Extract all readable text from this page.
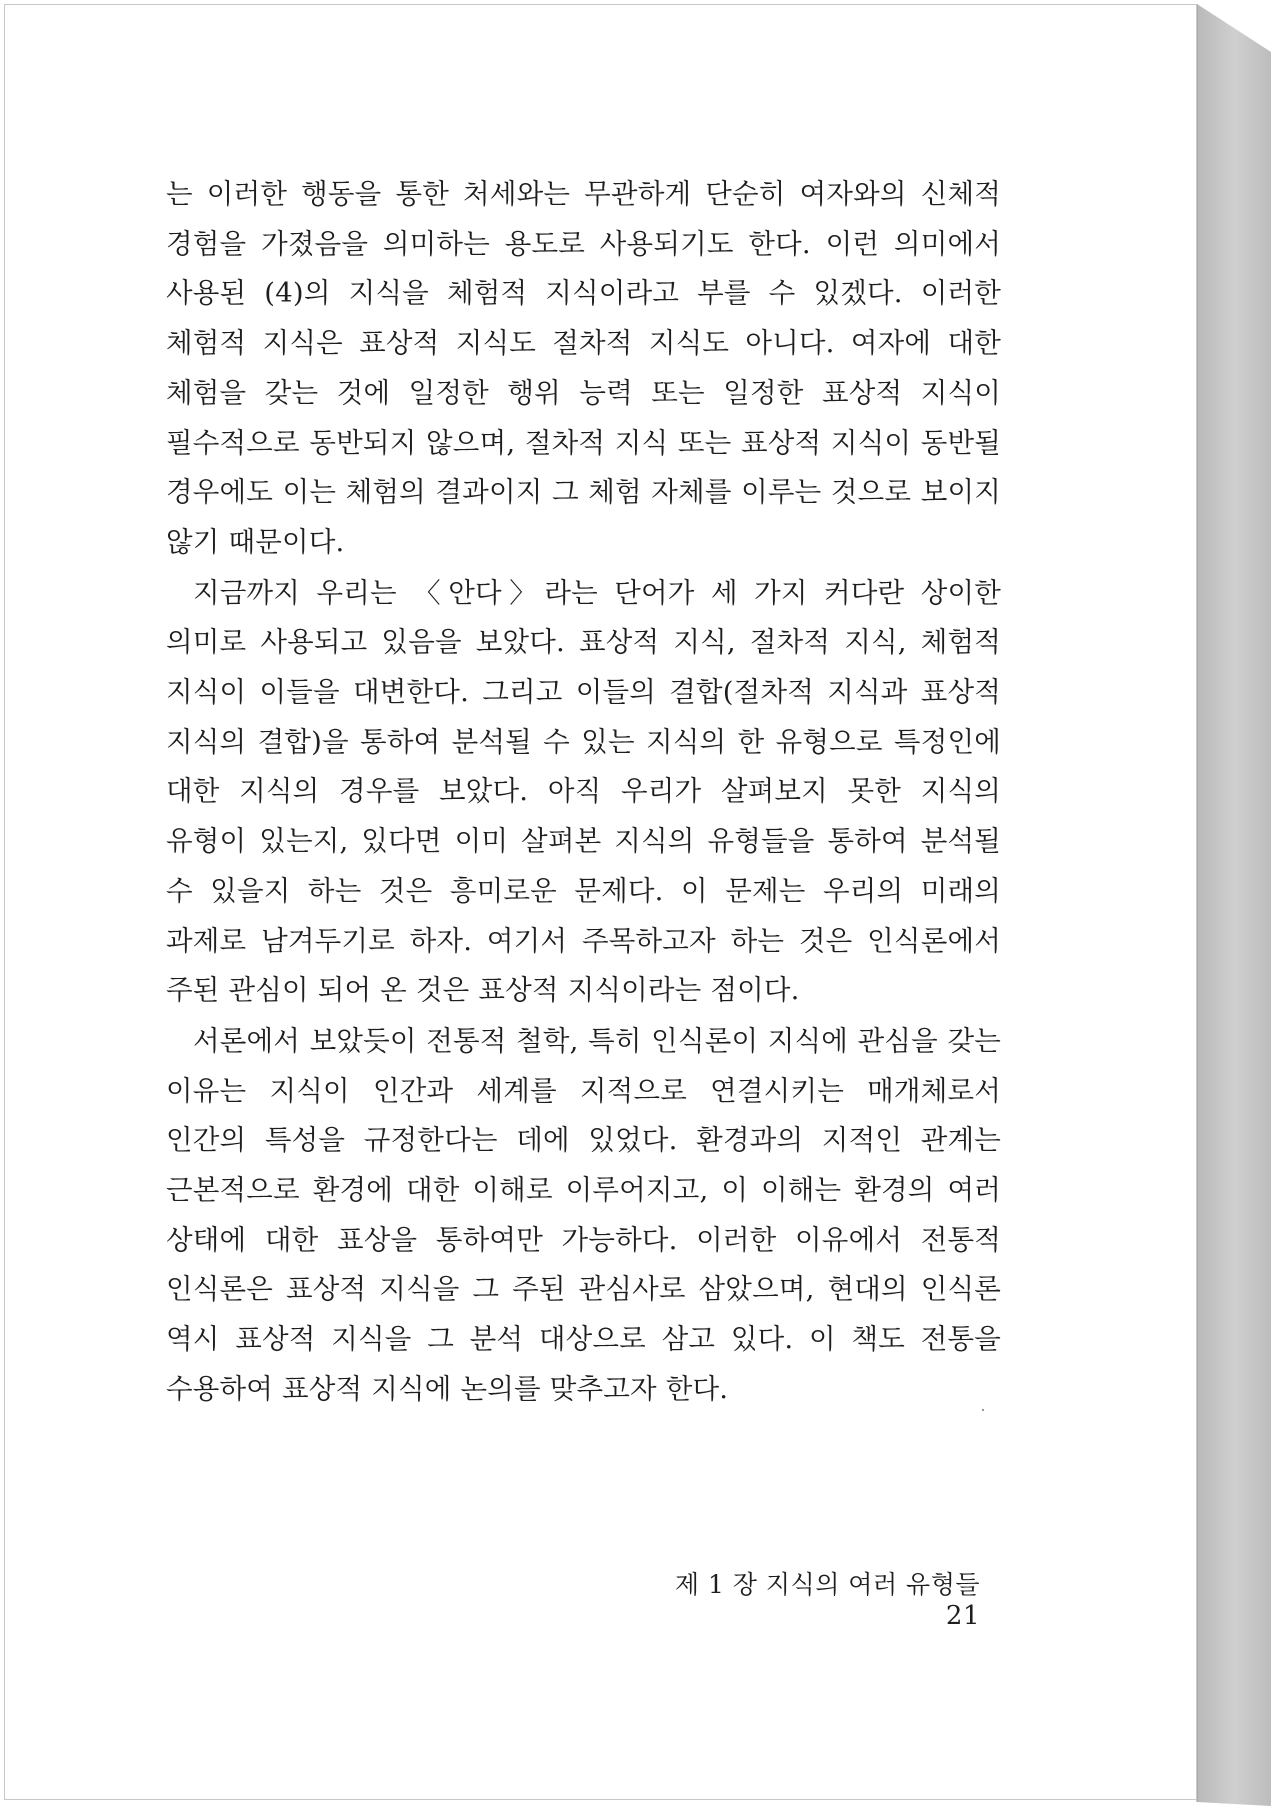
는 이러한 행동을 통한 처세와는 무관하게 단순히 여자와의 신체적 경험을 가졌음을 의미하는 용도로 사용되기도 한다. 이런 의미에서 사용된 (4)의 지식을 체험적 지식이라고 부를 수 있겠다. 이러한 체험적 지식은 표상적 지식도 절차적 지식도 아니다. 여자에 대한 체험을 갖는 것에 일정한 행위 능력 또는 일정한 표상적 지식이 필수적으로 동반되지 않으며, 절차적 지식 또는 표상적 지식이 동반될 경우에도 이는 체험의 결과이지 그 체험 자체를 이루는 것으로 보이지 않기 때문이다.

지금까지 우리는 〈안다〉라는 단어가 세 가지 커다란 상이한 의미로 사용되고 있음을 보았다. 표상적 지식, 절차적 지식, 체험적 지식이 이들을 대변한다. 그리고 이들의 결합(절차적 지식과 표상적 지식의 결합)을 통하여 분석될 수 있는 지식의 한 유형으로 특정인에 대한 지식의 경우를 보았다. 아직 우리가 살펴보지 못한 지식의 유형이 있는지, 있다면 이미 살펴본 지식의 유형들을 통하여 분석될 수 있을지 하는 것은 흥미로운 문제다. 이 문제는 우리의 미래의 과제로 남겨두기로 하자. 여기서 주목하고자 하는 것은 인식론에서 주된 관심이 되어 온 것은 표상적 지식이라는 점이다.

서론에서 보았듯이 전통적 철학, 특히 인식론이 지식에 관심을 갖는 이유는 지식이 인간과 세계를 지적으로 연결시키는 매개체로서 인간의 특성을 규정한다는 데에 있었다. 환경과의 지적인 관계는 근본적으로 환경에 대한 이해로 이루어지고, 이 이해는 환경의 여러 상태에 대한 표상을 통하여만 가능하다. 이러한 이유에서 전통적 인식론은 표상적 지식을 그 주된 관심사로 삼았으며, 현대의 인식론 역시 표상적 지식을 그 분석 대상으로 삼고 있다. 이 책도 전통을 수용하여 표상적 지식에 논의를 맞추고자 한다.

제 1 장 지식의 여러 유형들21
